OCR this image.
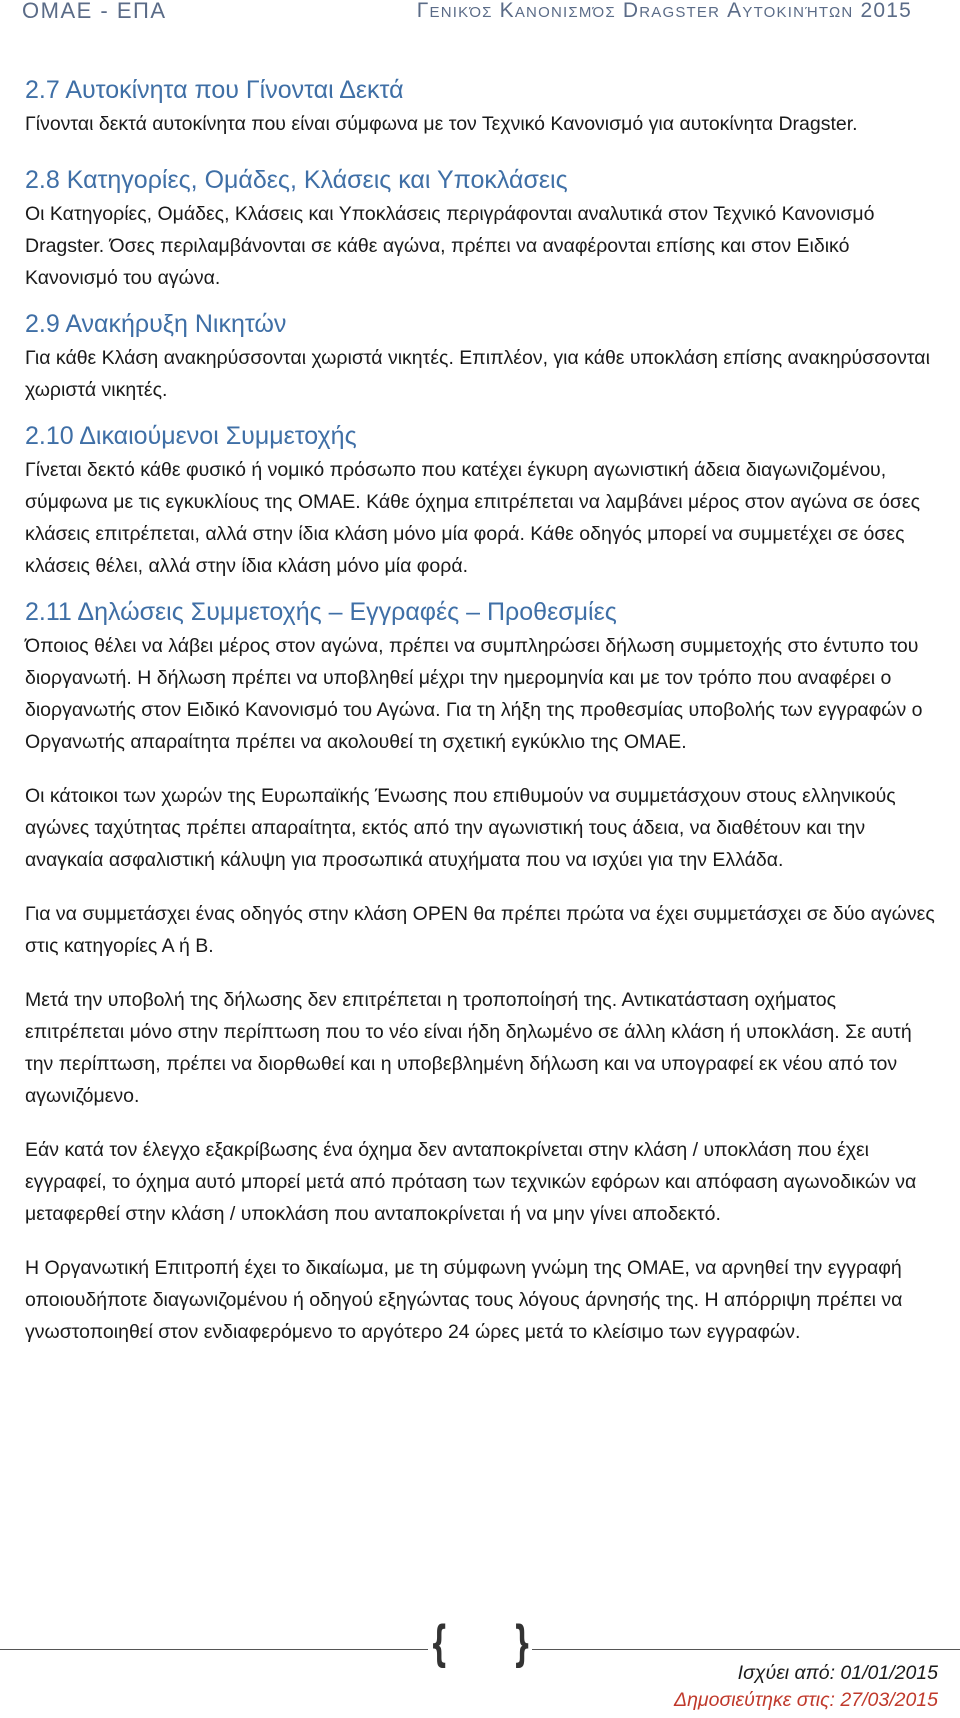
ΟΜΑΕ - ΕΠΑ	Γενικός Κανονισμός Dragster Αυτοκινήτων 2015
2.7 Αυτοκίνητα που Γίνονται Δεκτά

Γίνονται δεκτά αυτοκίνητα που είναι σύμφωνα με τον Τεχνικό Κανονισμό για αυτοκίνητα Dragster.

2.8 Κατηγορίες, Ομάδες, Κλάσεις και Υποκλάσεις

Οι Κατηγορίες, Ομάδες, Κλάσεις και Υποκλάσεις περιγράφονται αναλυτικά στον Τεχνικό Κανονισμό Dragster. Όσες περιλαμβάνονται σε κάθε αγώνα, πρέπει να αναφέρονται επίσης και στον Ειδικό Κανονισμό του αγώνα.

2.9 Ανακήρυξη Νικητών

Για κάθε Κλάση ανακηρύσσονται χωριστά νικητές. Επιπλέον, για κάθε υποκλάση επίσης ανακηρύσσονται χωριστά νικητές.

2.10 Δικαιούμενοι Συμμετοχής

Γίνεται δεκτό κάθε φυσικό ή νομικό πρόσωπο που κατέχει έγκυρη αγωνιστική άδεια διαγωνιζομένου, σύμφωνα με τις εγκυκλίους της ΟΜΑΕ. Κάθε όχημα επιτρέπεται να λαμβάνει μέρος στον αγώνα σε όσες κλάσεις επιτρέπεται, αλλά στην ίδια κλάση μόνο μία φορά. Κάθε οδηγός μπορεί να συμμετέχει σε όσες κλάσεις θέλει, αλλά στην ίδια κλάση μόνο μία φορά.

2.11 Δηλώσεις Συμμετοχής – Εγγραφές – Προθεσμίες

Όποιος θέλει να λάβει μέρος στον αγώνα, πρέπει να συμπληρώσει δήλωση συμμετοχής στο έντυπο του διοργανωτή. Η δήλωση πρέπει να υποβληθεί μέχρι την ημερομηνία και με τον τρόπο που αναφέρει ο διοργανωτής στον Ειδικό Κανονισμό του Αγώνα. Για τη λήξη της προθεσμίας υποβολής των εγγραφών ο Οργανωτής απαραίτητα πρέπει να ακολουθεί τη σχετική εγκύκλιο της ΟΜΑΕ.

Οι κάτοικοι των χωρών της Ευρωπαϊκής Ένωσης που επιθυμούν να συμμετάσχουν στους ελληνικούς αγώνες ταχύτητας πρέπει απαραίτητα, εκτός από την αγωνιστική τους άδεια, να διαθέτουν και την αναγκαία ασφαλιστική κάλυψη για προσωπικά ατυχήματα που να ισχύει για την Ελλάδα.

Για να συμμετάσχει ένας οδηγός στην κλάση OPEN θα πρέπει πρώτα να έχει συμμετάσχει σε δύο αγώνες στις κατηγορίες Α ή Β.

Μετά την υποβολή της δήλωσης δεν επιτρέπεται η τροποποίησή της. Αντικατάσταση οχήματος επιτρέπεται μόνο στην περίπτωση που το νέο είναι ήδη δηλωμένο σε άλλη κλάση ή υποκλάση. Σε αυτή την περίπτωση, πρέπει να διορθωθεί και η υποβεβλημένη δήλωση και να υπογραφεί εκ νέου από τον αγωνιζόμενο.

Εάν κατά τον έλεγχο εξακρίβωσης ένα όχημα δεν ανταποκρίνεται στην κλάση / υποκλάση που έχει εγγραφεί, το όχημα αυτό μπορεί μετά από πρόταση των τεχνικών εφόρων και απόφαση αγωνοδικών να μεταφερθεί στην κλάση / υποκλάση που ανταποκρίνεται ή να μην γίνει αποδεκτό.

Η Οργανωτική Επιτροπή έχει το δικαίωμα, με τη σύμφωνη γνώμη της ΟΜΑΕ, να αρνηθεί την εγγραφή οποιουδήποτε διαγωνιζομένου ή οδηγού εξηγώντας τους λόγους άρνησής της. Η απόρριψη πρέπει να γνωστοποιηθεί στον ενδιαφερόμενο το αργότερο 24 ώρες μετά το κλείσιμο των εγγραφών.

{ }
Ισχύει από: 01/01/2015
Δημοσιεύτηκε στις: 27/03/2015
